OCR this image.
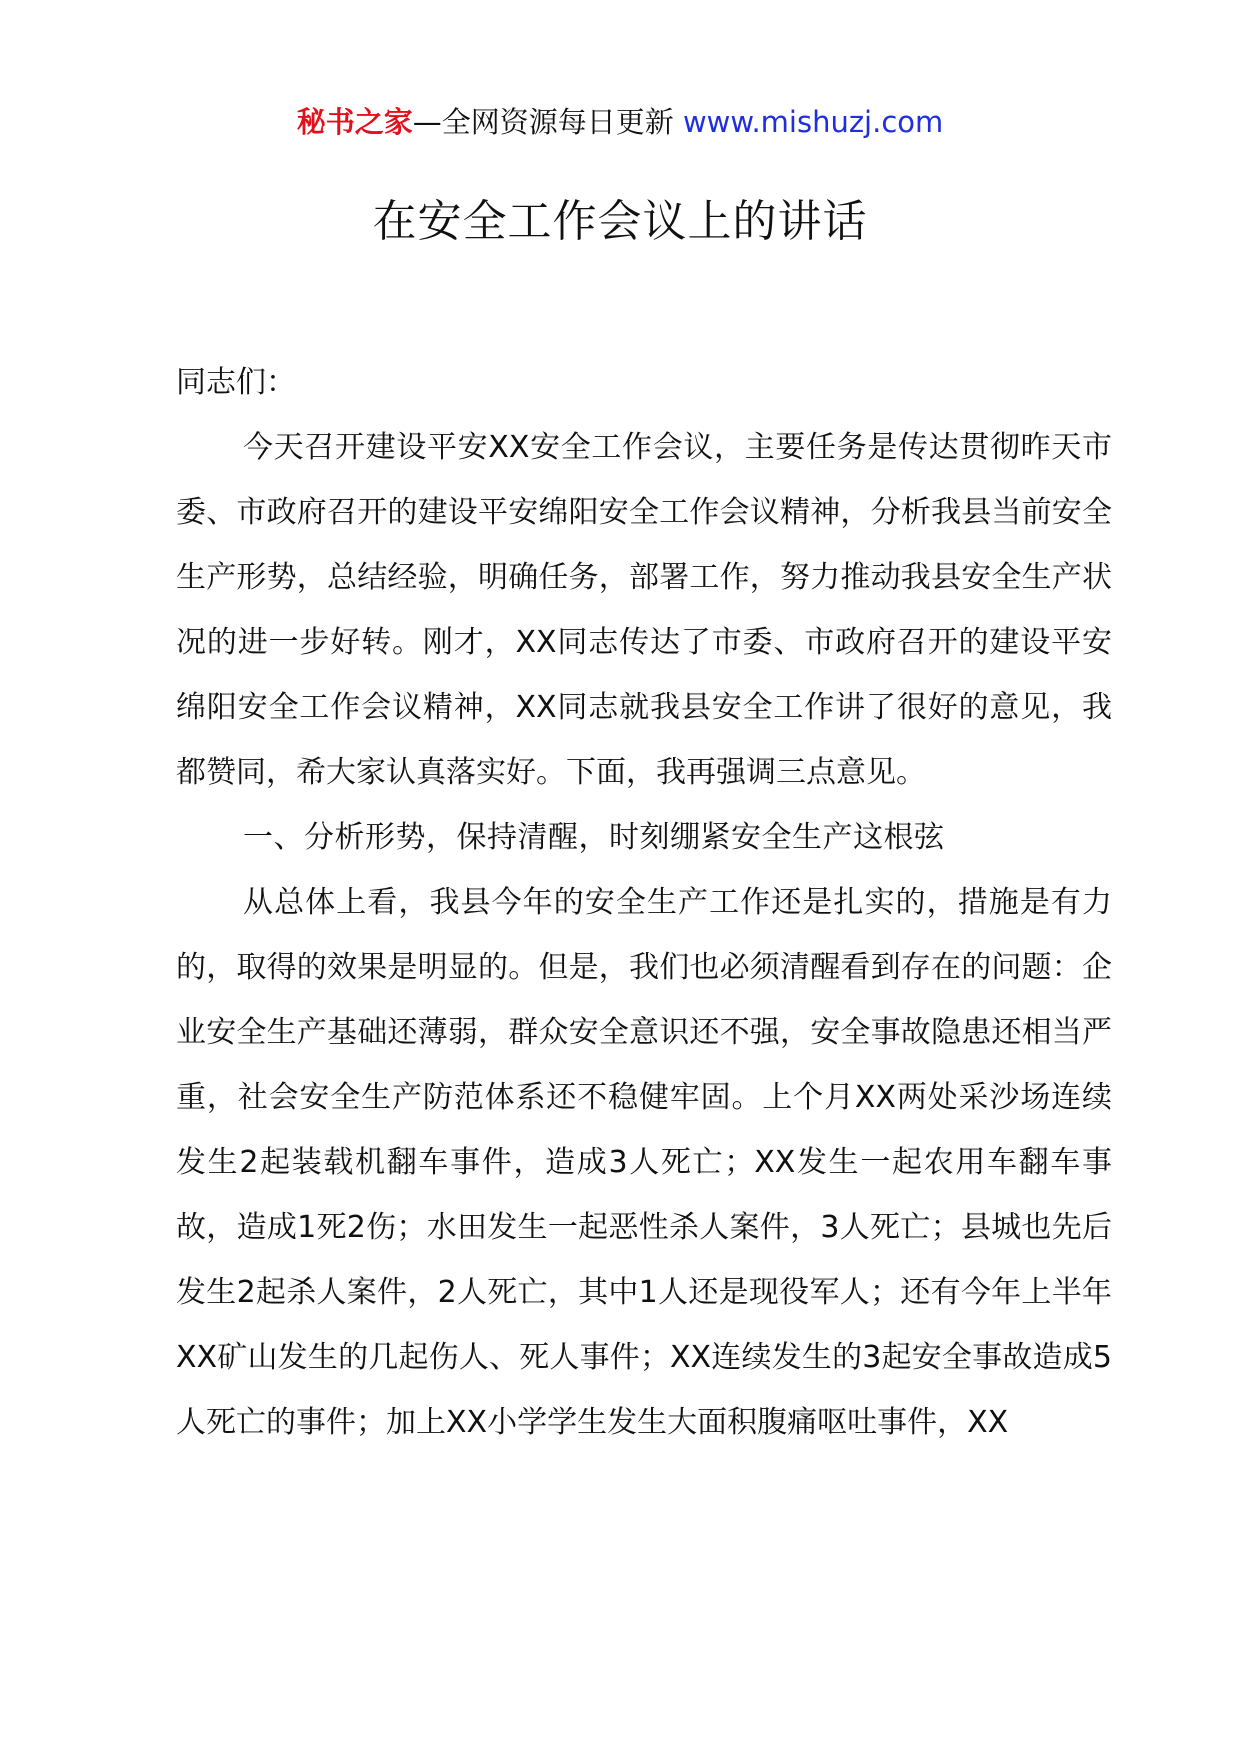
秘书之家—全网资源每日更新 www.mishuzj.com
在安全工作会议上的讲话

同志们：

今天召开建设平安XX安全工作会议，主要任务是传达贯彻昨天市委、市政府召开的建设平安绵阳安全工作会议精神，分析我县当前安全生产形势，总结经验，明确任务，部署工作，努力推动我县安全生产状况的进一步好转。刚才，XX同志传达了市委、市政府召开的建设平安绵阳安全工作会议精神，XX同志就我县安全工作讲了很好的意见，我都赞同，希大家认真落实好。下面，我再强调三点意见。

一、分析形势，保持清醒，时刻绷紧安全生产这根弦

从总体上看，我县今年的安全生产工作还是扎实的，措施是有力的，取得的效果是明显的。但是，我们也必须清醒看到存在的问题：企业安全生产基础还薄弱，群众安全意识还不强，安全事故隐患还相当严重，社会安全生产防范体系还不稳健牢固。上个月XX两处采沙场连续发生2起装载机翻车事件，造成3人死亡；XX发生一起农用车翻车事故，造成1死2伤；水田发生一起恶性杀人案件，3人死亡；县城也先后发生2起杀人案件，2人死亡，其中1人还是现役军人；还有今年上半年XX矿山发生的几起伤人、死人事件；XX连续发生的3起安全事故造成5人死亡的事件；加上XX小学学生发生大面积腹痛呕吐事件，XX
